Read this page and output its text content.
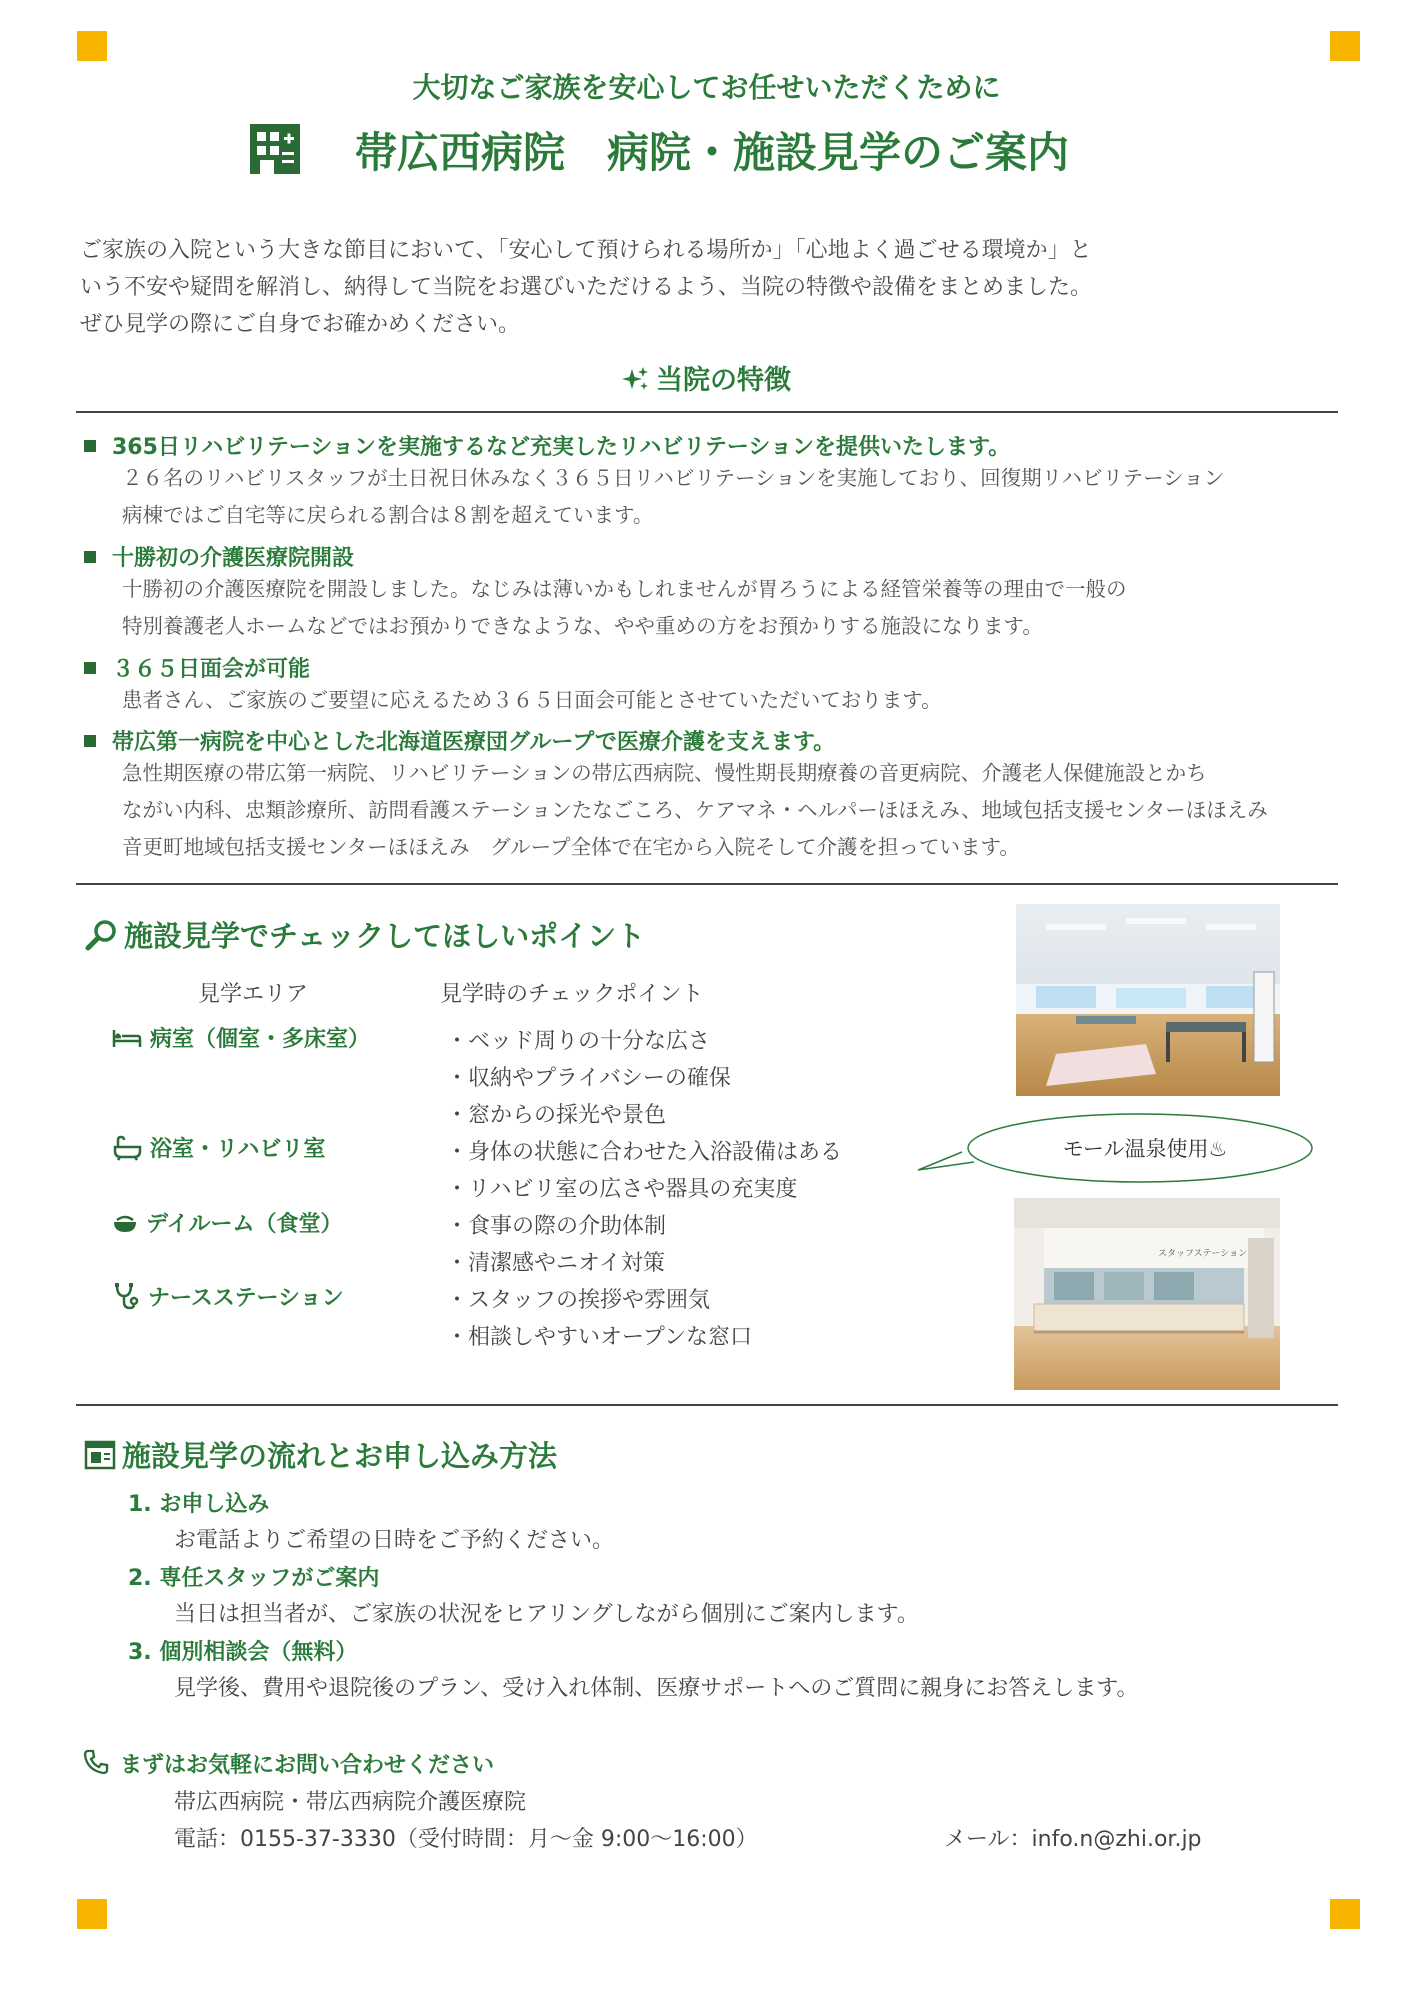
大切なご家族を安心してお任せいただくために
帯広西病院　病院・施設見学のご案内
ご家族の入院という大きな節目において、「安心して預けられる場所か」「心地よく過ごせる環境か」と
いう不安や疑問を解消し、納得して当院をお選びいただけるよう、当院の特徴や設備をまとめました。
ぜひ見学の際にご自身でお確かめください。
当院の特徴
365日リハビリテーションを実施するなど充実したリハビリテーションを提供いたします。
２６名のリハビリスタッフが土日祝日休みなく３６５日リハビリテーションを実施しており、回復期リハビリテーション
病棟ではご自宅等に戻られる割合は８割を超えています。
十勝初の介護医療院開設
十勝初の介護医療院を開設しました。なじみは薄いかもしれませんが胃ろうによる経管栄養等の理由で一般の
特別養護老人ホームなどではお預かりできなような、やや重めの方をお預かりする施設になります。
３６５日面会が可能
患者さん、ご家族のご要望に応えるため３６５日面会可能とさせていただいております。
帯広第一病院を中心とした北海道医療団グループで医療介護を支えます。
急性期医療の帯広第一病院、リハビリテーションの帯広西病院、慢性期長期療養の音更病院、介護老人保健施設とかち
ながい内科、忠類診療所、訪問看護ステーションたなごころ、ケアマネ・ヘルパーほほえみ、地域包括支援センターほほえみ
音更町地域包括支援センターほほえみ　グループ全体で在宅から入院そして介護を担っています。
施設見学でチェックしてほしいポイント
見学エリア	見学時のチェックポイント
病室（個室・多床室）
浴室・リハビリ室
デイルーム（食堂）
ナースステーション
・ベッド周りの十分な広さ
・収納やプライバシーの確保
・窓からの採光や景色
・身体の状態に合わせた入浴設備はある
・リハビリ室の広さや器具の充実度
・食事の際の介助体制
・清潔感やニオイ対策
・スタッフの挨拶や雰囲気
・相談しやすいオープンな窓口
モール温泉使用♨
スタッフステーション
施設見学の流れとお申し込み方法
1. お申し込み
お電話よりご希望の日時をご予約ください。
2. 専任スタッフがご案内
当日は担当者が、ご家族の状況をヒアリングしながら個別にご案内します。
3. 個別相談会（無料）
見学後、費用や退院後のプラン、受け入れ体制、医療サポートへのご質問に親身にお答えします。
まずはお気軽にお問い合わせください
帯広西病院・帯広西病院介護医療院
電話：0155-37-3330（受付時間：月～金 9:00～16:00）	メール：info.n@zhi.or.jp
